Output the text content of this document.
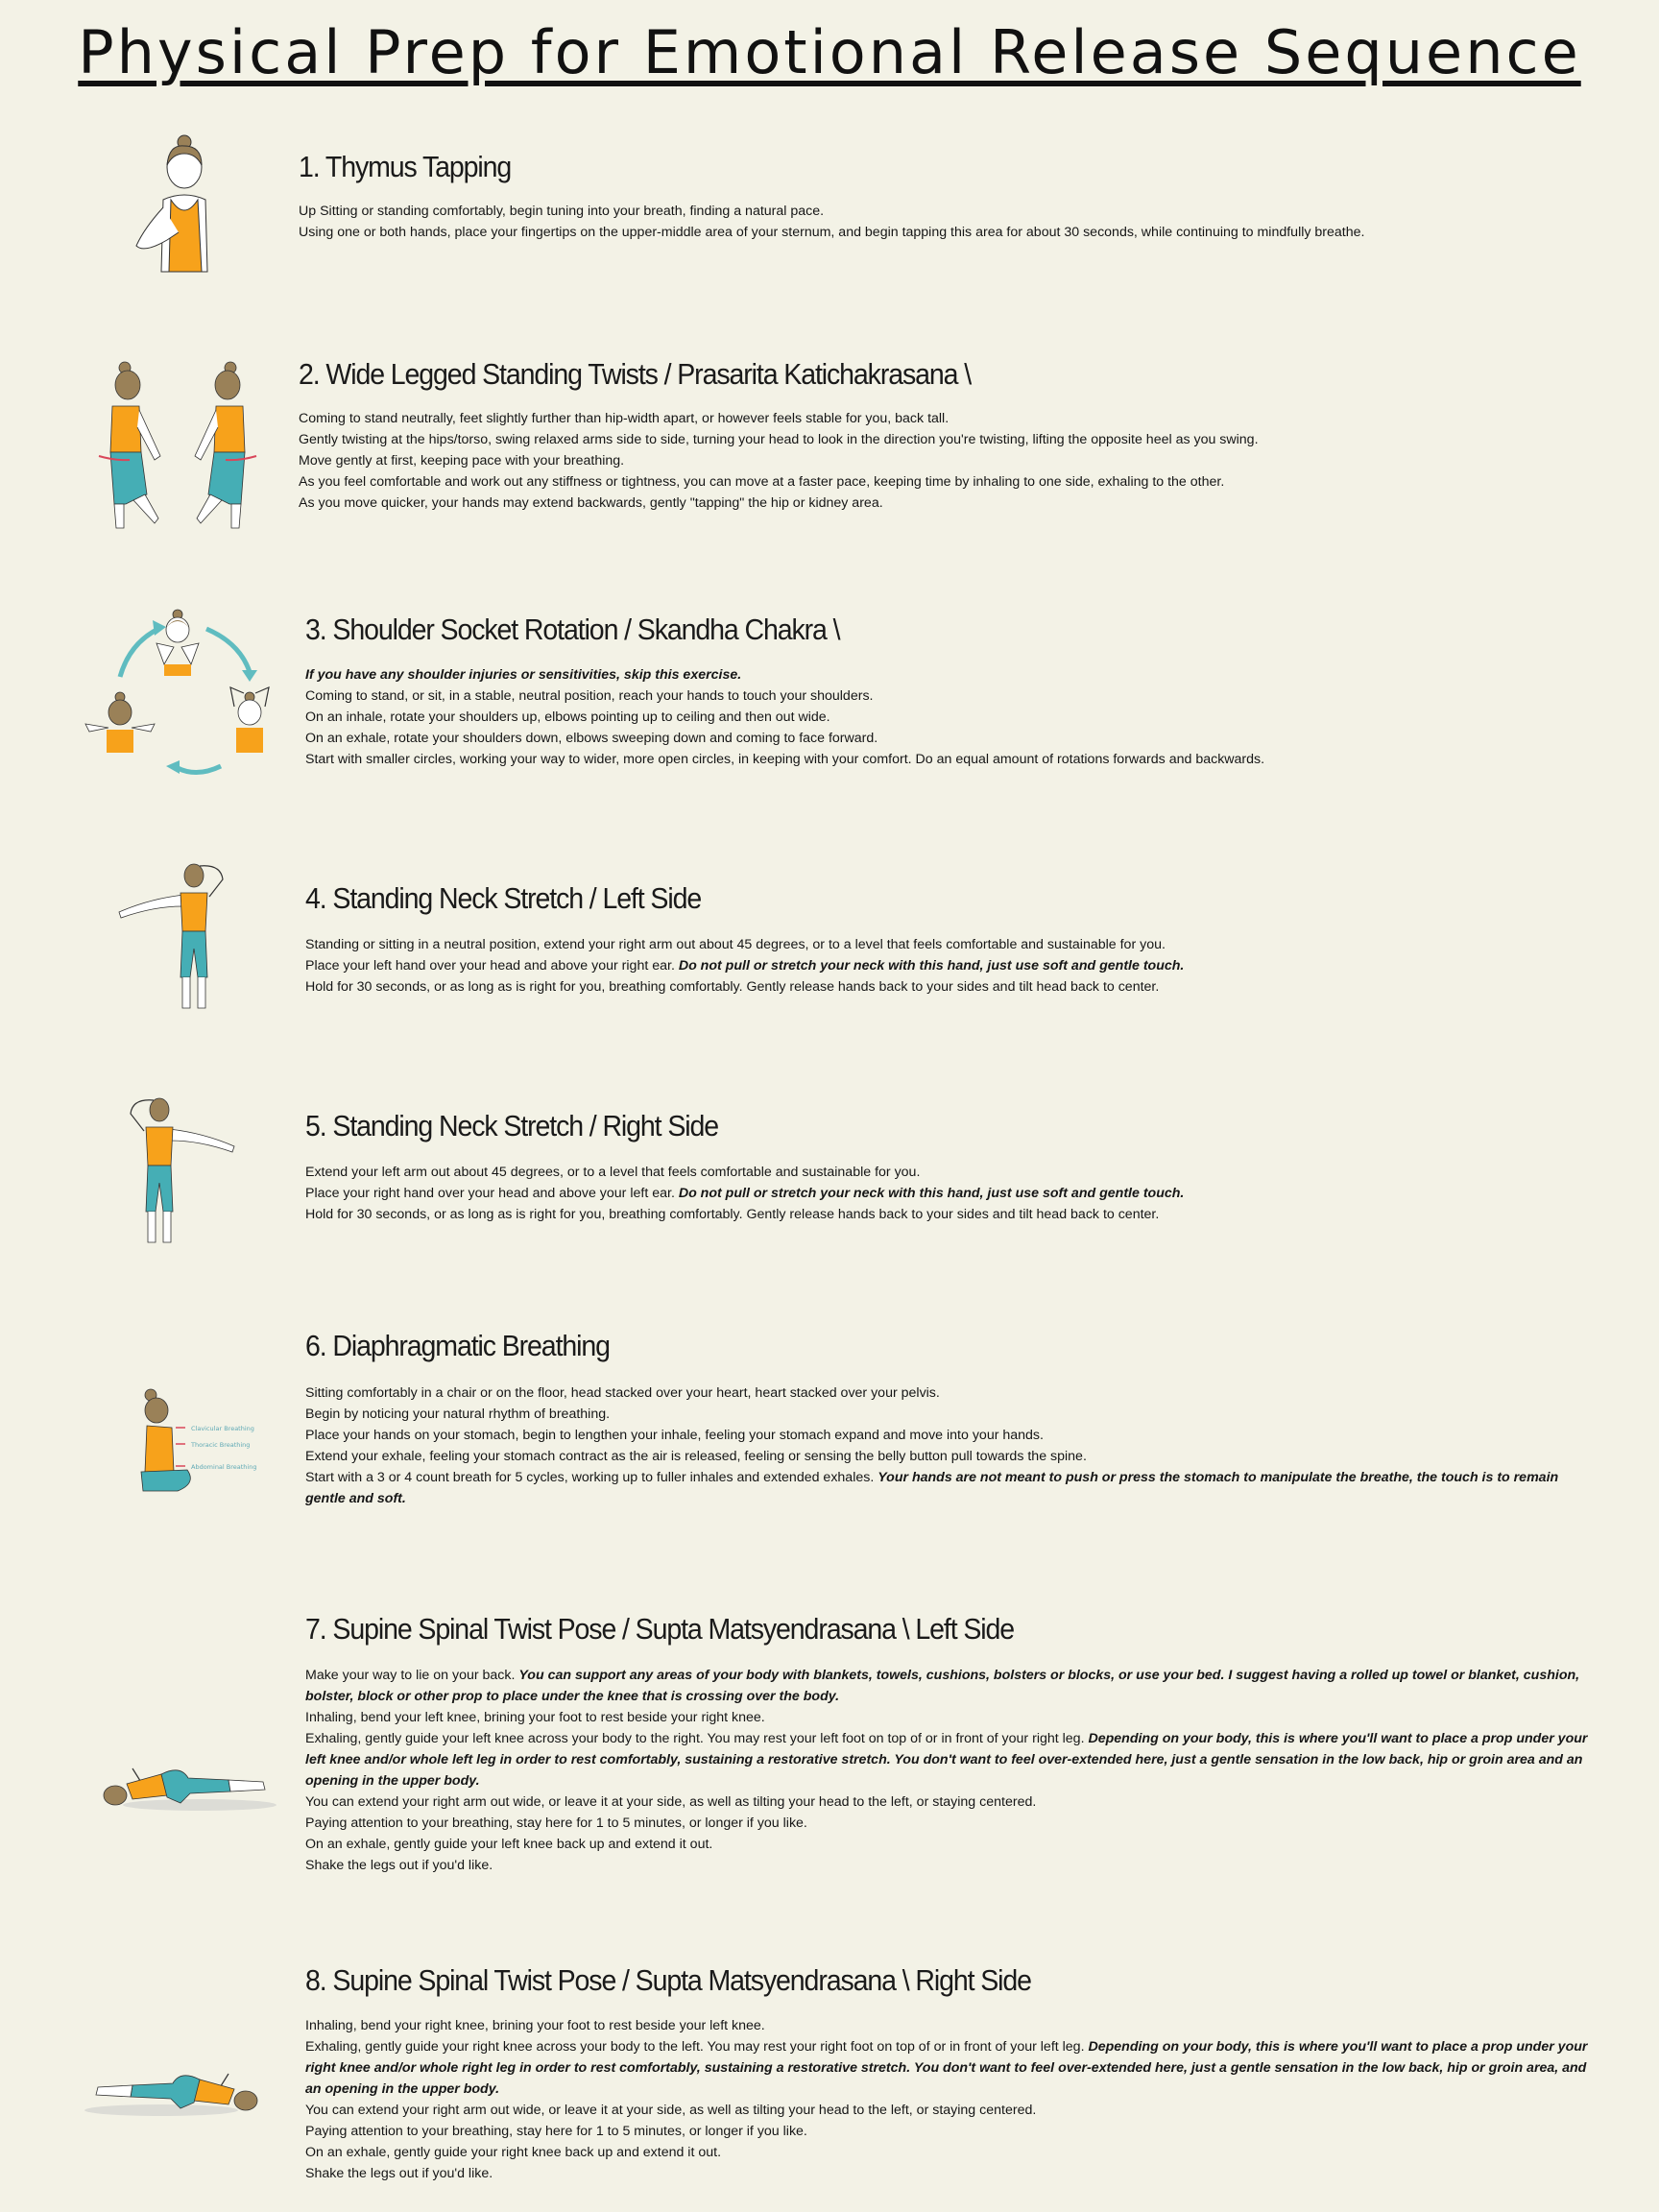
Physical Prep for Emotional Release Sequence
1. Thymus Tapping

Up Sitting or standing comfortably, begin tuning into your breath, finding a natural pace.

Using one or both hands, place your fingertips on the upper-middle area of your sternum, and begin tapping this area for about 30 seconds, while continuing to mindfully breathe.

2. Wide Legged Standing Twists / Prasarita Katichakrasana \

Coming to stand neutrally, feet slightly further than hip-width apart, or however feels stable for you, back tall.

Gently twisting at the hips/torso, swing relaxed arms side to side, turning your head to look in the direction you're twisting, lifting the opposite heel as you swing.

Move gently at first, keeping pace with your breathing.

As you feel comfortable and work out any stiffness or tightness, you can move at a faster pace, keeping time by inhaling to one side, exhaling to the other.

As you move quicker, your hands may extend backwards, gently "tapping" the hip or kidney area.

3. Shoulder Socket Rotation / Skandha Chakra \

If you have any shoulder injuries or sensitivities, skip this exercise.

Coming to stand, or sit, in a stable, neutral position, reach your hands to touch your shoulders.

On an inhale, rotate your shoulders up, elbows pointing up to ceiling and then out wide.

On an exhale, rotate your shoulders down, elbows sweeping down and coming to face forward.

Start with smaller circles, working your way to wider, more open circles, in keeping with your comfort. Do an equal amount of rotations forwards and backwards.

4. Standing Neck Stretch / Left Side

Standing or sitting in a neutral position, extend your right arm out about 45 degrees, or to a level that feels comfortable and sustainable for you.

Place your left hand over your head and above your right ear. Do not pull or stretch your neck with this hand, just use soft and gentle touch.

Hold for 30 seconds, or as long as is right for you, breathing comfortably. Gently release hands back to your sides and tilt head back to center.

5. Standing Neck Stretch / Right Side

Extend your left arm out about 45 degrees, or to a level that feels comfortable and sustainable for you.

Place your right hand over your head and above your left ear. Do not pull or stretch your neck with this hand, just use soft and gentle touch.

Hold for 30 seconds, or as long as is right for you, breathing comfortably. Gently release hands back to your sides and tilt head back to center.

Clavicular Breathing
Thoracic Breathing
Abdominal Breathing
6. Diaphragmatic Breathing

Sitting comfortably in a chair or on the floor, head stacked over your heart, heart stacked over your pelvis.

Begin by noticing your natural rhythm of breathing.

Place your hands on your stomach, begin to lengthen your inhale, feeling your stomach expand and move into your hands.

Extend your exhale, feeling your stomach contract as the air is released, feeling or sensing the belly button pull towards the spine.

Start with a 3 or 4 count breath for 5 cycles, working up to fuller inhales and extended exhales. Your hands are not meant to push or press the stomach to manipulate the breathe, the touch is to remain gentle and soft.

7. Supine Spinal Twist Pose / Supta Matsyendrasana \ Left Side

Make your way to lie on your back. You can support any areas of your body with blankets, towels, cushions, bolsters or blocks, or use your bed. I suggest having a rolled up towel or blanket, cushion, bolster, block or other prop to place under the knee that is crossing over the body.

Inhaling, bend your left knee, brining your foot to rest beside your right knee.

Exhaling, gently guide your left knee across your body to the right. You may rest your left foot on top of or in front of your right leg. Depending on your body, this is where you'll want to place a prop under your left knee and/or whole left leg in order to rest comfortably, sustaining a restorative stretch. You don't want to feel over-extended here, just a gentle sensation in the low back, hip or groin area and an opening in the upper body.

You can extend your right arm out wide, or leave it at your side, as well as tilting your head to the left, or staying centered.

Paying attention to your breathing, stay here for 1 to 5 minutes, or longer if you like.

On an exhale, gently guide your left knee back up and extend it out.

Shake the legs out if you'd like.

8. Supine Spinal Twist Pose / Supta Matsyendrasana \ Right Side

Inhaling, bend your right knee, brining your foot to rest beside your left knee.

Exhaling, gently guide your right knee across your body to the left. You may rest your right foot on top of or in front of your left leg. Depending on your body, this is where you'll want to place a prop under your right knee and/or whole right leg in order to rest comfortably, sustaining a restorative stretch. You don't want to feel over-extended here, just a gentle sensation in the low back, hip or groin area, and an opening in the upper body.

You can extend your right arm out wide, or leave it at your side, as well as tilting your head to the left, or staying centered.

Paying attention to your breathing, stay here for 1 to 5 minutes, or longer if you like.

On an exhale, gently guide your right knee back up and extend it out.

Shake the legs out if you'd like.
